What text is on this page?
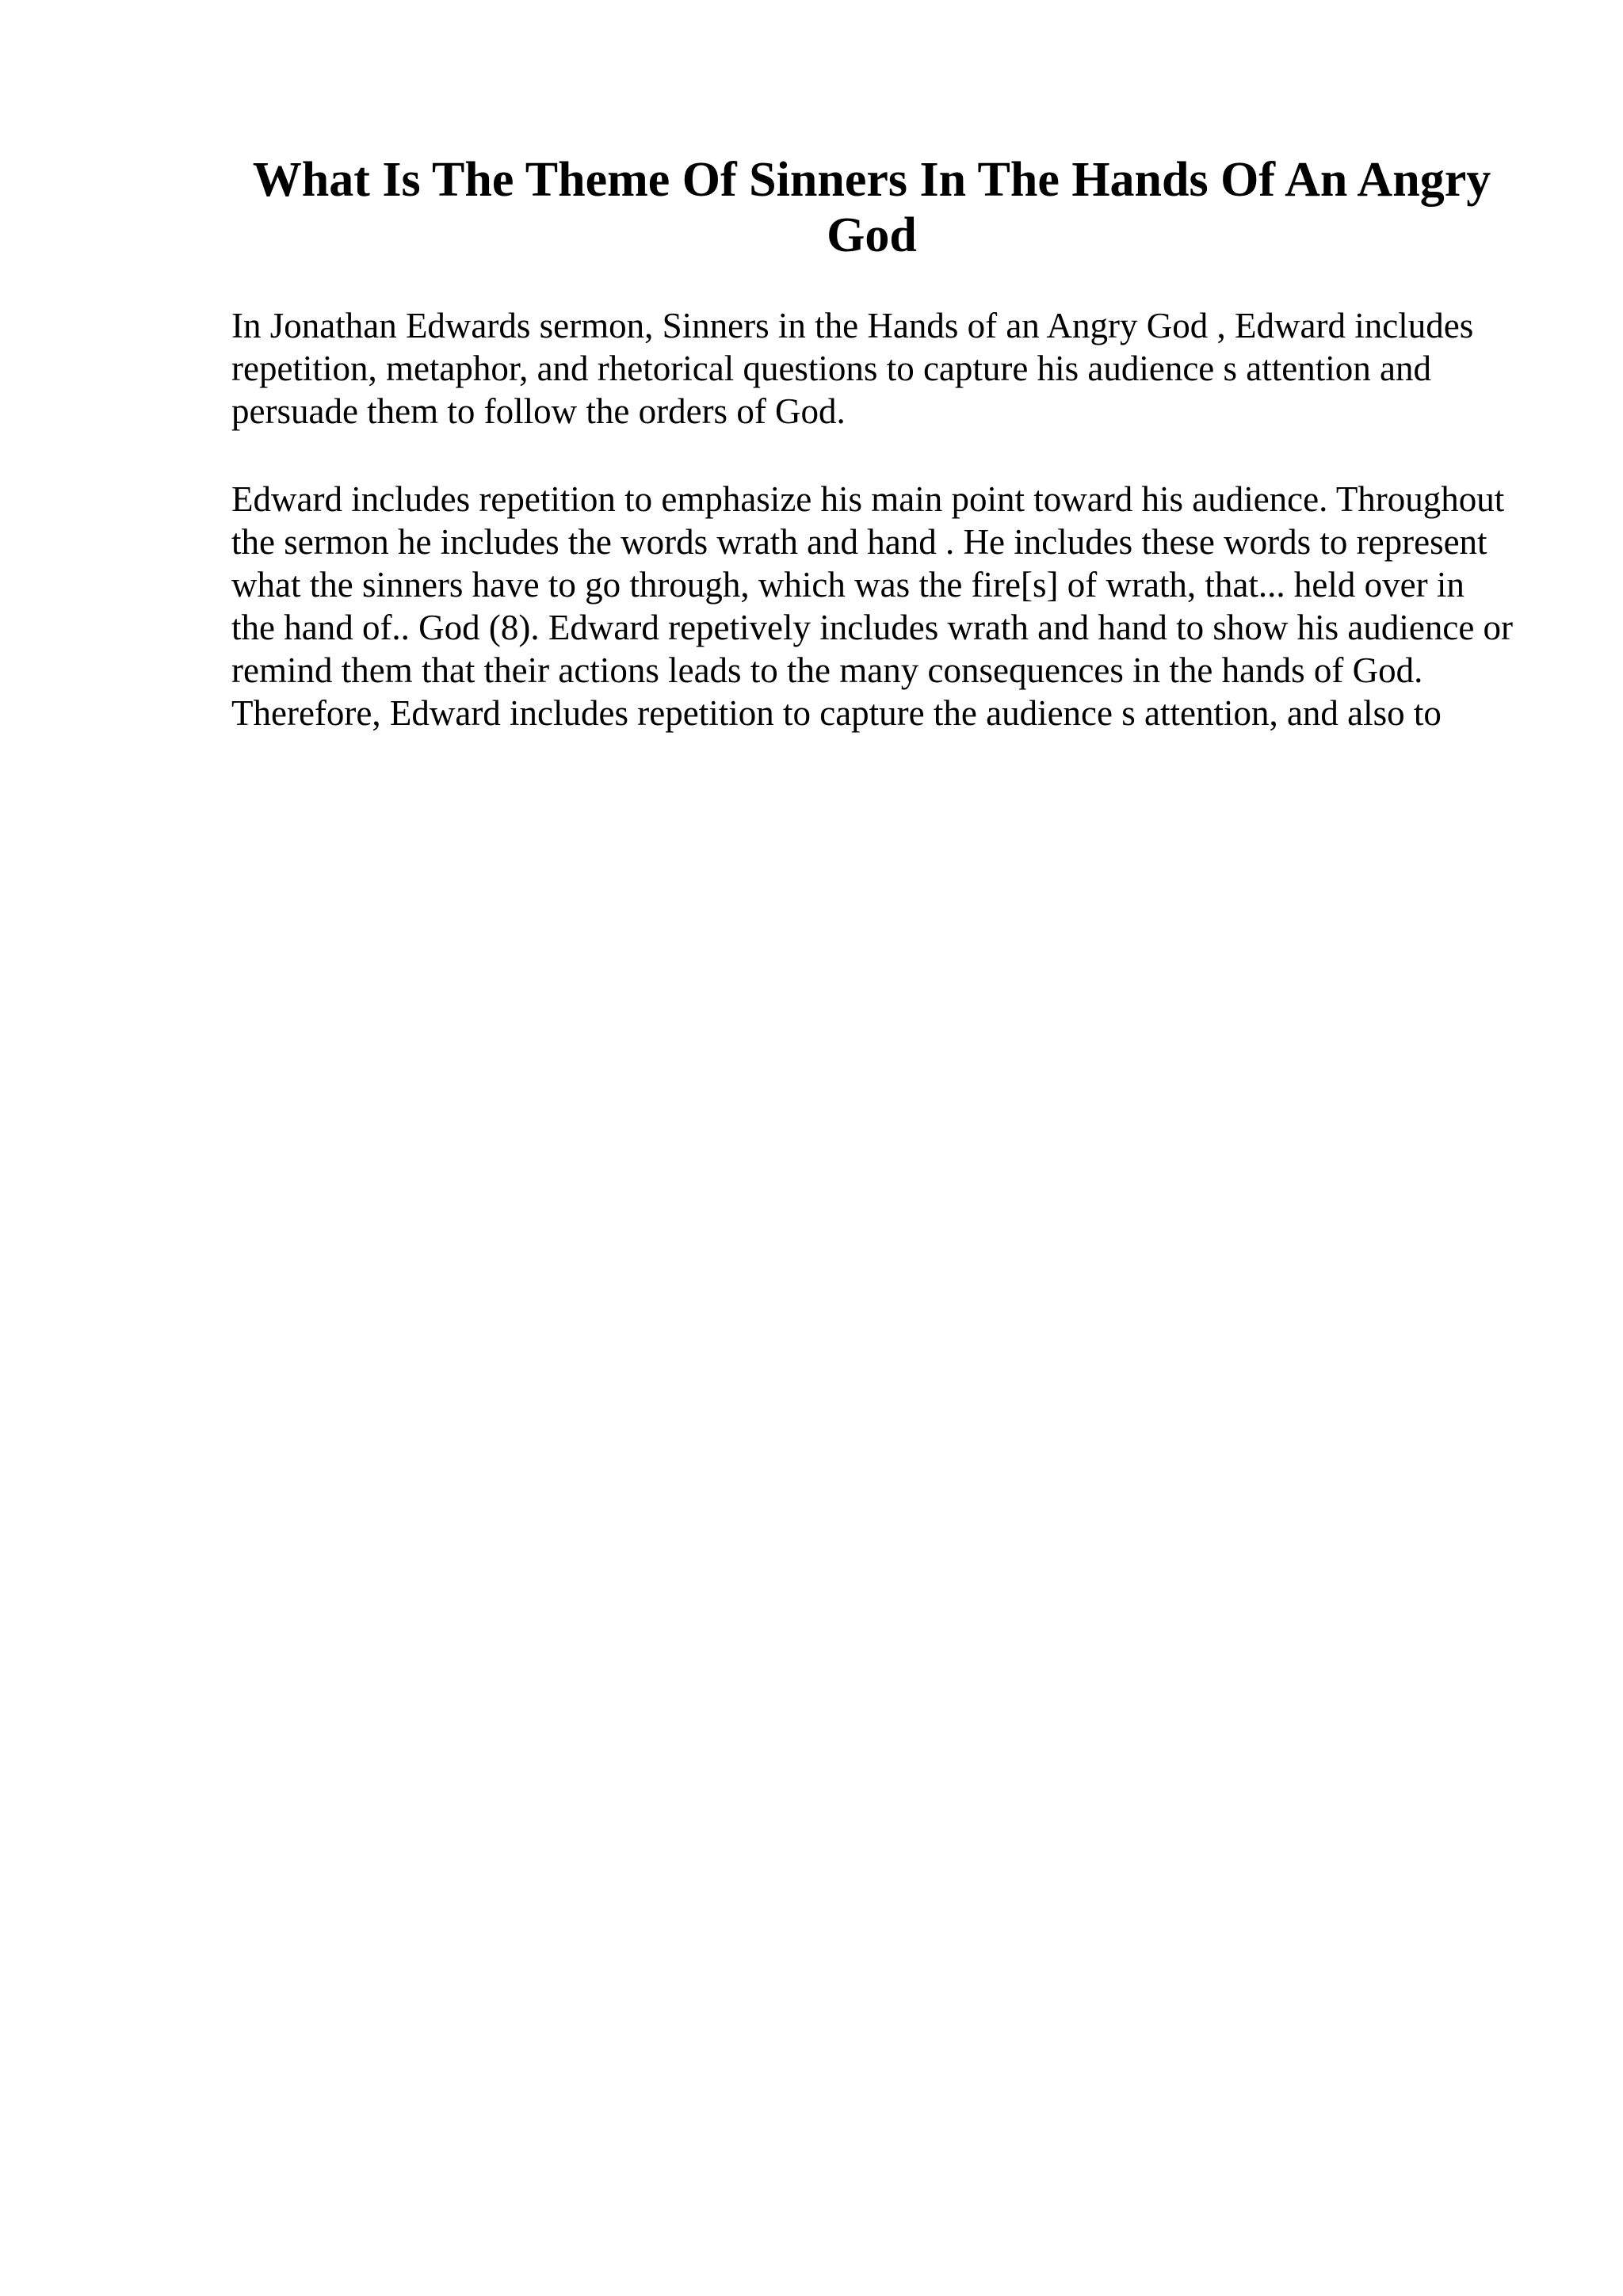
What Is The Theme Of Sinners In The Hands Of An Angry God

In Jonathan Edwards sermon, Sinners in the Hands of an Angry God , Edward includes repetition, metaphor, and rhetorical questions to capture his audience s attention and persuade them to follow the orders of God.

Edward includes repetition to emphasize his main point toward his audience. Throughout the sermon he includes the words wrath and hand . He includes these words to represent what the sinners have to go through, which was the fire[s] of wrath, that... held over in the hand of.. God (8). Edward repetively includes wrath and hand to show his audience or remind them that their actions leads to the many consequences in the hands of God. Therefore, Edward includes repetition to capture the audience s attention, and also to
